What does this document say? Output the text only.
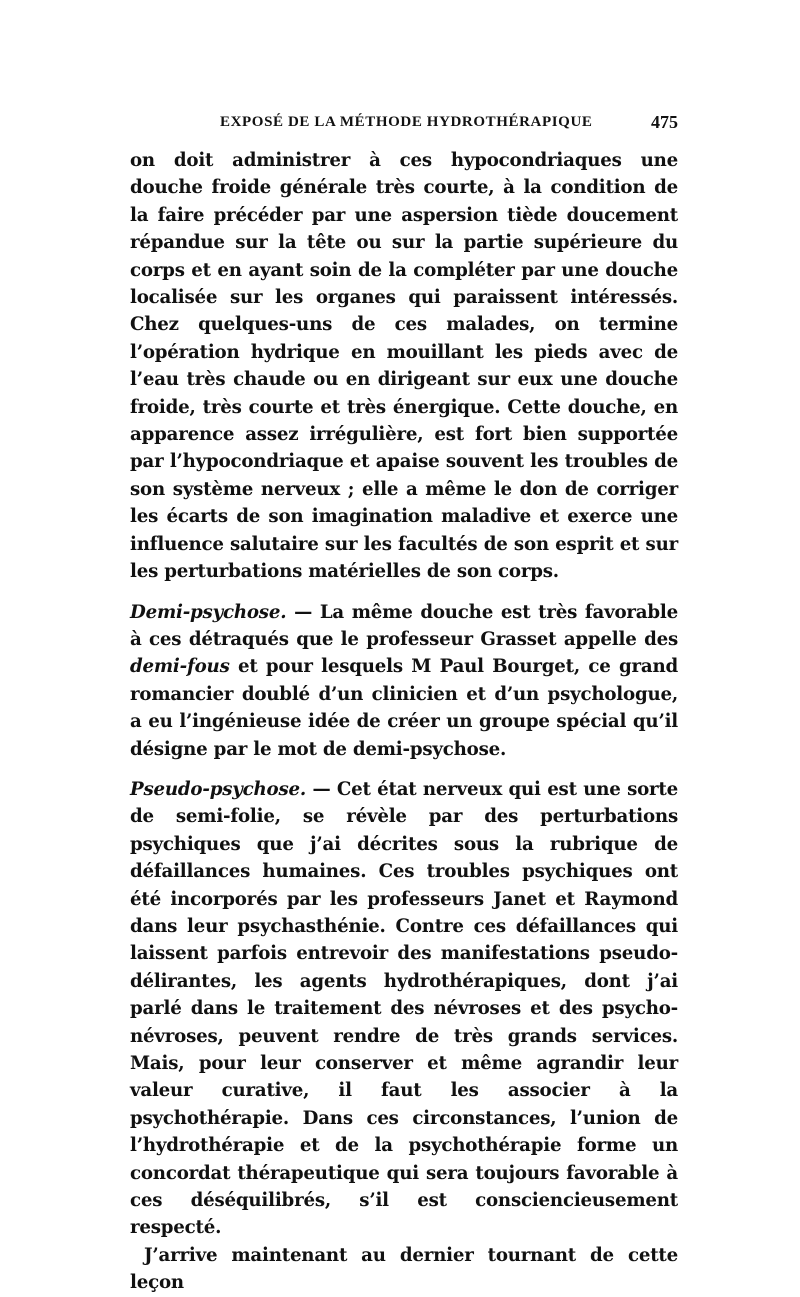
EXPOSÉ DE LA MÉTHODE HYDROTHÉRAPIQUE	475

on doit administrer à ces hypocondriaques une douche froide générale très courte, à la condition de la faire précéder par une aspersion tiède doucement répandue sur la tête ou sur la partie supérieure du corps et en ayant soin de la compléter par une douche localisée sur les organes qui paraissent intéressés. Chez quelques-uns de ces malades, on termine l’opération hydrique en mouillant les pieds avec de l’eau très chaude ou en dirigeant sur eux une douche froide, très courte et très énergique. Cette douche, en apparence assez irrégulière, est fort bien supportée par l’hypocondriaque et apaise souvent les troubles de son système nerveux ; elle a même le don de corriger les écarts de son imagination maladive et exerce une influence salutaire sur les facultés de son esprit et sur les perturbations matérielles de son corps.

Demi-psychose. — La même douche est très favorable à ces détraqués que le professeur Grasset appelle des demi-fous et pour lesquels M Paul Bourget, ce grand romancier doublé d’un clinicien et d’un psychologue, a eu l’ingénieuse idée de créer un groupe spécial qu’il désigne par le mot de demi-psychose.

Pseudo-psychose. — Cet état nerveux qui est une sorte de semi-folie, se révèle par des perturbations psychiques que j’ai décrites sous la rubrique de défaillances humaines. Ces troubles psychiques ont été incorporés par les professeurs Janet et Raymond dans leur psychasthénie. Contre ces défaillances qui laissent parfois entrevoir des manifestations pseudo-délirantes, les agents hydrothérapiques, dont j’ai parlé dans le traitement des névroses et des psycho-névroses, peuvent rendre de très grands services. Mais, pour leur conserver et même agrandir leur valeur curative, il faut les associer à la psychothérapie. Dans ces circonstances, l’union de l’hydrothérapie et de la psychothérapie forme un concordat thérapeutique qui sera toujours favorable à ces déséquilibrés, s’il est consciencieusement respecté.

J’arrive maintenant au dernier tournant de cette leçon
